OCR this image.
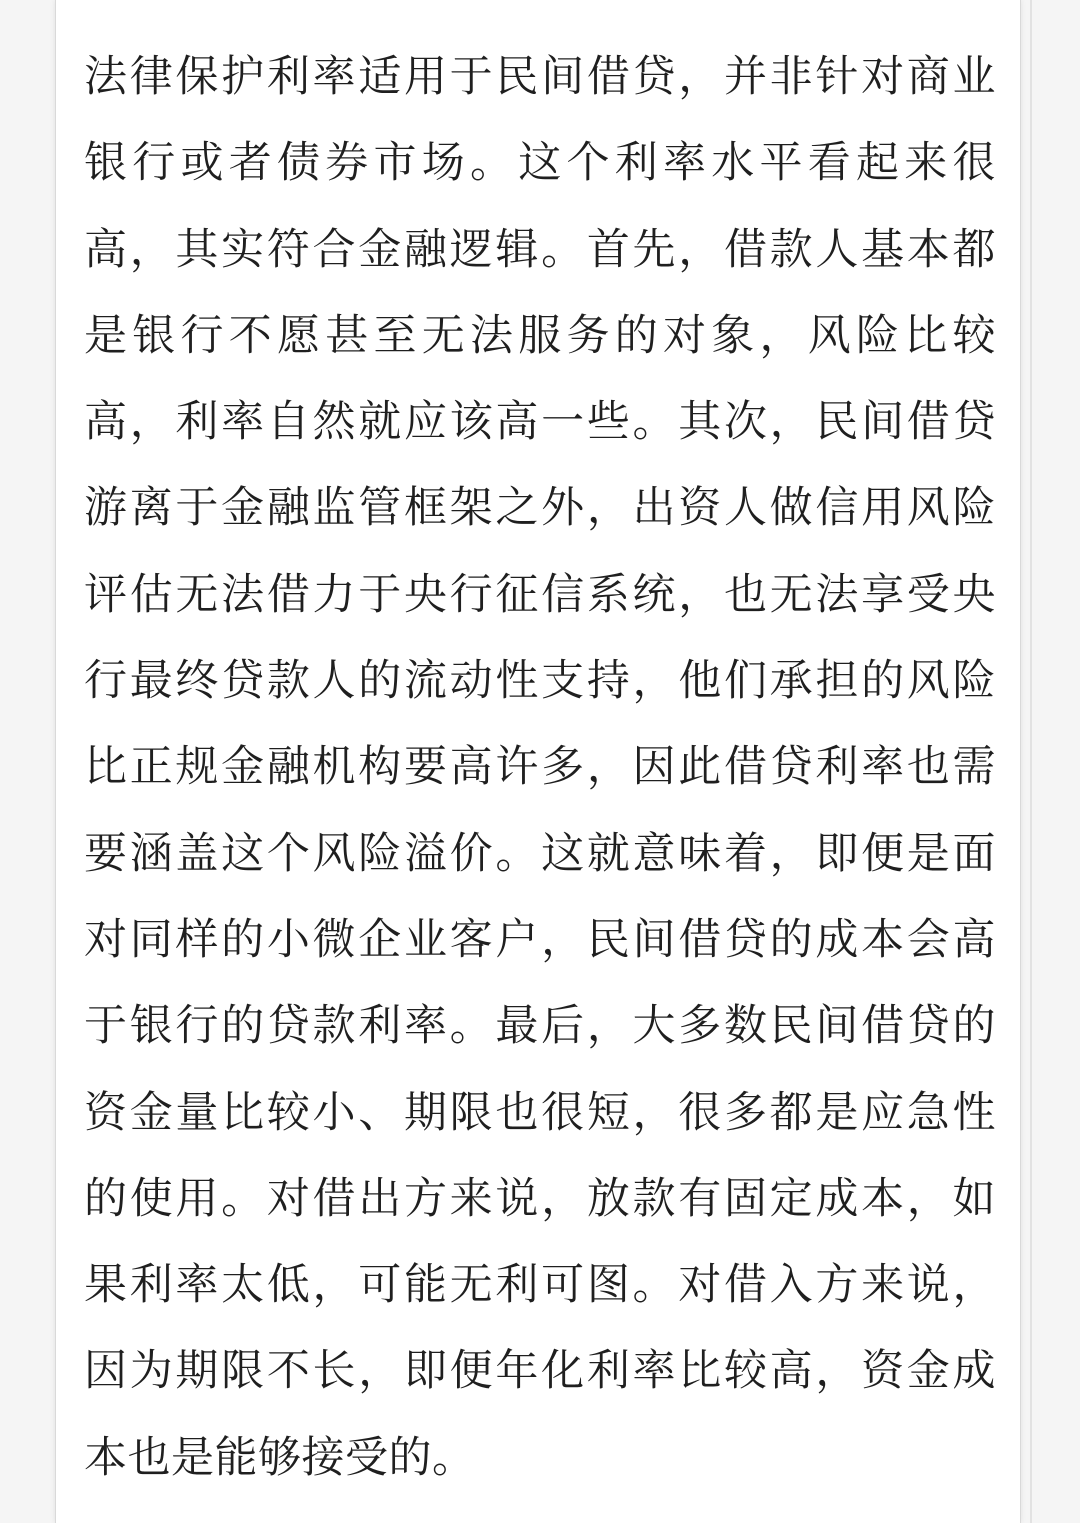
法律保护利率适用于民间借贷，并非针对商业银行或者债券市场。这个利率水平看起来很高，其实符合金融逻辑。首先，借款人基本都是银行不愿甚至无法服务的对象，风险比较高，利率自然就应该高一些。其次，民间借贷游离于金融监管框架之外，出资人做信用风险评估无法借力于央行征信系统，也无法享受央行最终贷款人的流动性支持，他们承担的风险比正规金融机构要高许多，因此借贷利率也需要涵盖这个风险溢价。这就意味着，即便是面对同样的小微企业客户，民间借贷的成本会高于银行的贷款利率。最后，大多数民间借贷的资金量比较小、期限也很短，很多都是应急性的使用。对借出方来说，放款有固定成本，如果利率太低，可能无利可图。对借入方来说，因为期限不长，即便年化利率比较高，资金成本也是能够接受的。
